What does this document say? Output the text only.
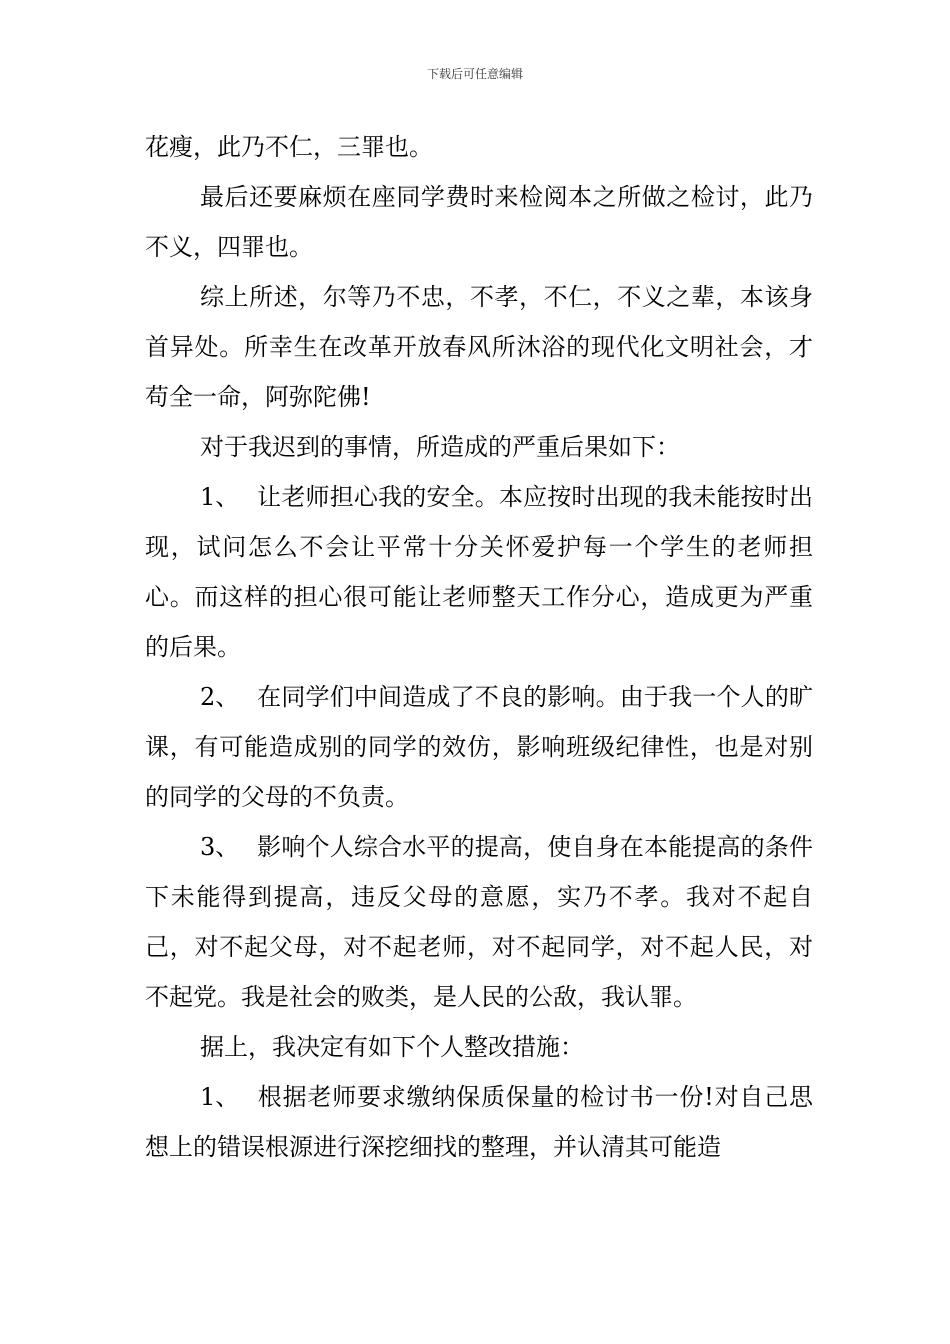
下载后可任意编辑

花瘦，此乃不仁，三罪也。

最后还要麻烦在座同学费时来检阅本之所做之检讨，此乃不义，四罪也。

综上所述，尔等乃不忠，不孝，不仁，不义之辈，本该身首异处。所幸生在改革开放春风所沐浴的现代化文明社会，才苟全一命，阿弥陀佛!

对于我迟到的事情，所造成的严重后果如下：

1、 让老师担心我的安全。本应按时出现的我未能按时出现，试问怎么不会让平常十分关怀爱护每一个学生的老师担心。而这样的担心很可能让老师整天工作分心，造成更为严重的后果。

2、 在同学们中间造成了不良的影响。由于我一个人的旷课，有可能造成别的同学的效仿，影响班级纪律性，也是对别的同学的父母的不负责。

3、 影响个人综合水平的提高，使自身在本能提高的条件下未能得到提高，违反父母的意愿，实乃不孝。我对不起自己，对不起父母，对不起老师，对不起同学，对不起人民，对不起党。我是社会的败类，是人民的公敌，我认罪。

据上，我决定有如下个人整改措施：

1、 根据老师要求缴纳保质保量的检讨书一份!对自己思想上的错误根源进行深挖细找的整理，并认清其可能造
